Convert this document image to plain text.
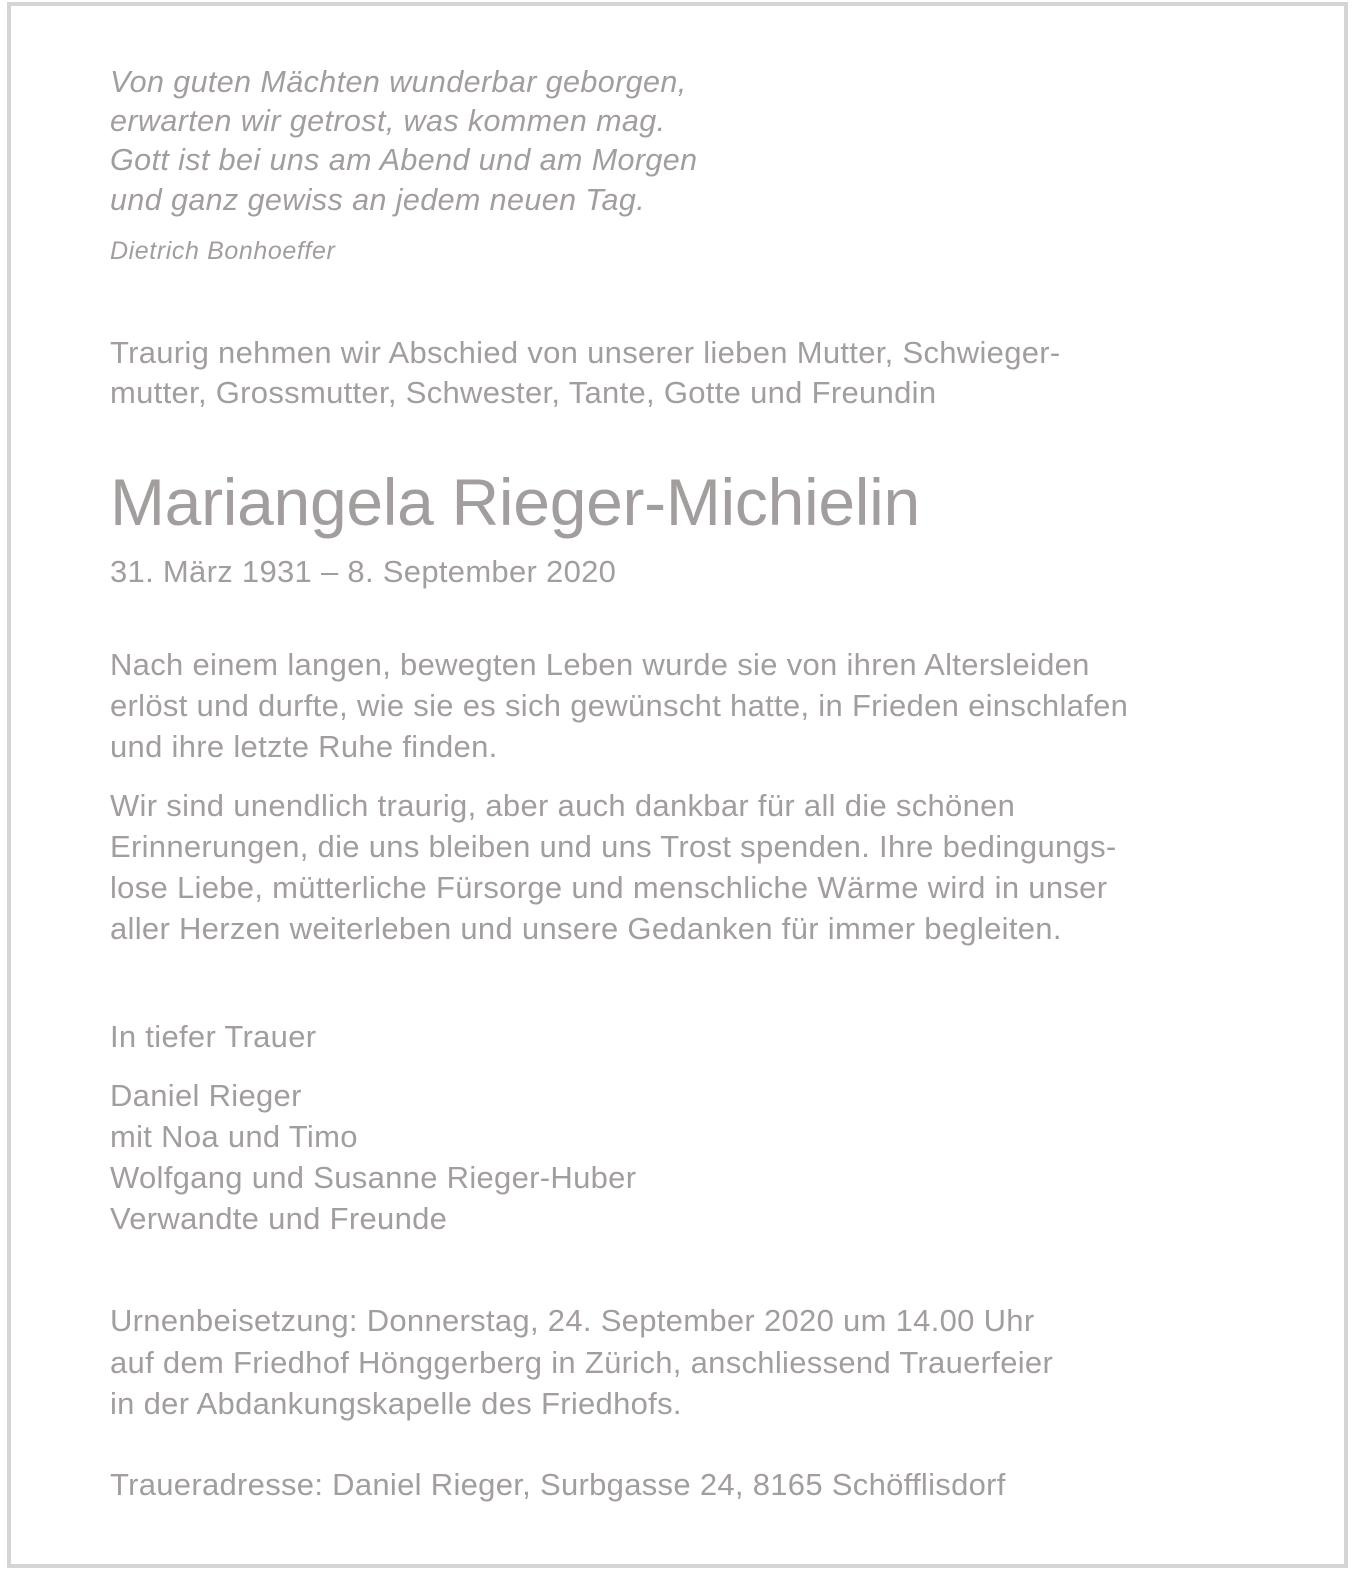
Von guten Mächten wunderbar geborgen,
erwarten wir getrost, was kommen mag.
Gott ist bei uns am Abend und am Morgen
und ganz gewiss an jedem neuen Tag.
Dietrich Bonhoeffer
Traurig nehmen wir Abschied von unserer lieben Mutter, Schwieger-
mutter, Grossmutter, Schwester, Tante, Gotte und Freundin
Mariangela Rieger-Michielin
31. März 1931 – 8. September 2020
Nach einem langen, bewegten Leben wurde sie von ihren Altersleiden
erlöst und durfte, wie sie es sich gewünscht hatte, in Frieden einschlafen
und ihre letzte Ruhe finden.
Wir sind unendlich traurig, aber auch dankbar für all die schönen
Erinnerungen, die uns bleiben und uns Trost spenden. Ihre bedingungs-
lose Liebe, mütterliche Fürsorge und menschliche Wärme wird in unser
aller Herzen weiterleben und unsere Gedanken für immer begleiten.
In tiefer Trauer
Daniel Rieger
mit Noa und Timo
Wolfgang und Susanne Rieger-Huber
Verwandte und Freunde
Urnenbeisetzung: Donnerstag, 24. September 2020 um 14.00 Uhr
auf dem Friedhof Hönggerberg in Zürich, anschliessend Trauerfeier
in der Abdankungskapelle des Friedhofs.
Traueradresse: Daniel Rieger, Surbgasse 24, 8165 Schöfflisdorf
